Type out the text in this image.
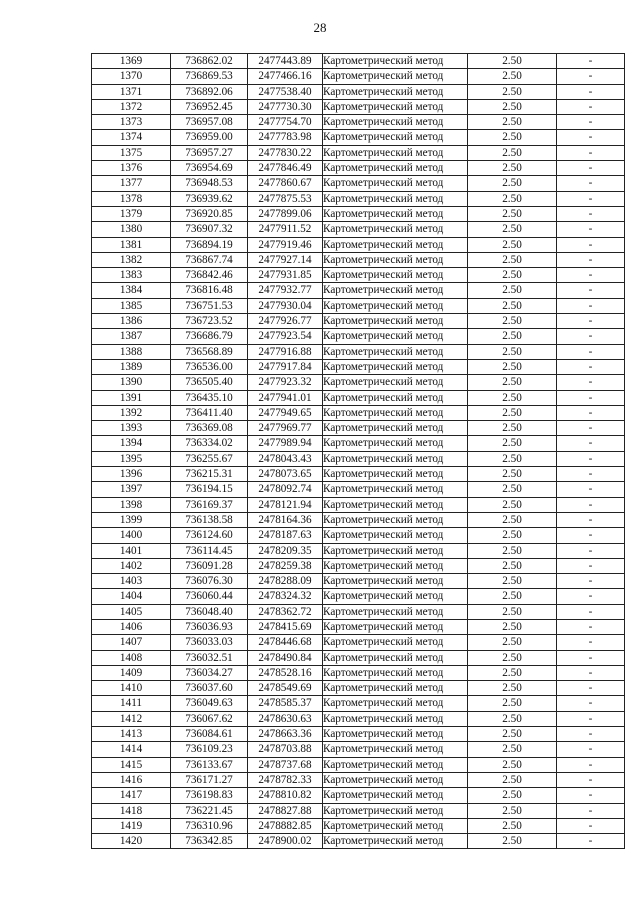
28
1369	736862.02	2477443.89	Картометрический метод	2.50	-
1370	736869.53	2477466.16	Картометрический метод	2.50	-
1371	736892.06	2477538.40	Картометрический метод	2.50	-
1372	736952.45	2477730.30	Картометрический метод	2.50	-
1373	736957.08	2477754.70	Картометрический метод	2.50	-
1374	736959.00	2477783.98	Картометрический метод	2.50	-
1375	736957.27	2477830.22	Картометрический метод	2.50	-
1376	736954.69	2477846.49	Картометрический метод	2.50	-
1377	736948.53	2477860.67	Картометрический метод	2.50	-
1378	736939.62	2477875.53	Картометрический метод	2.50	-
1379	736920.85	2477899.06	Картометрический метод	2.50	-
1380	736907.32	2477911.52	Картометрический метод	2.50	-
1381	736894.19	2477919.46	Картометрический метод	2.50	-
1382	736867.74	2477927.14	Картометрический метод	2.50	-
1383	736842.46	2477931.85	Картометрический метод	2.50	-
1384	736816.48	2477932.77	Картометрический метод	2.50	-
1385	736751.53	2477930.04	Картометрический метод	2.50	-
1386	736723.52	2477926.77	Картометрический метод	2.50	-
1387	736686.79	2477923.54	Картометрический метод	2.50	-
1388	736568.89	2477916.88	Картометрический метод	2.50	-
1389	736536.00	2477917.84	Картометрический метод	2.50	-
1390	736505.40	2477923.32	Картометрический метод	2.50	-
1391	736435.10	2477941.01	Картометрический метод	2.50	-
1392	736411.40	2477949.65	Картометрический метод	2.50	-
1393	736369.08	2477969.77	Картометрический метод	2.50	-
1394	736334.02	2477989.94	Картометрический метод	2.50	-
1395	736255.67	2478043.43	Картометрический метод	2.50	-
1396	736215.31	2478073.65	Картометрический метод	2.50	-
1397	736194.15	2478092.74	Картометрический метод	2.50	-
1398	736169.37	2478121.94	Картометрический метод	2.50	-
1399	736138.58	2478164.36	Картометрический метод	2.50	-
1400	736124.60	2478187.63	Картометрический метод	2.50	-
1401	736114.45	2478209.35	Картометрический метод	2.50	-
1402	736091.28	2478259.38	Картометрический метод	2.50	-
1403	736076.30	2478288.09	Картометрический метод	2.50	-
1404	736060.44	2478324.32	Картометрический метод	2.50	-
1405	736048.40	2478362.72	Картометрический метод	2.50	-
1406	736036.93	2478415.69	Картометрический метод	2.50	-
1407	736033.03	2478446.68	Картометрический метод	2.50	-
1408	736032.51	2478490.84	Картометрический метод	2.50	-
1409	736034.27	2478528.16	Картометрический метод	2.50	-
1410	736037.60	2478549.69	Картометрический метод	2.50	-
1411	736049.63	2478585.37	Картометрический метод	2.50	-
1412	736067.62	2478630.63	Картометрический метод	2.50	-
1413	736084.61	2478663.36	Картометрический метод	2.50	-
1414	736109.23	2478703.88	Картометрический метод	2.50	-
1415	736133.67	2478737.68	Картометрический метод	2.50	-
1416	736171.27	2478782.33	Картометрический метод	2.50	-
1417	736198.83	2478810.82	Картометрический метод	2.50	-
1418	736221.45	2478827.88	Картометрический метод	2.50	-
1419	736310.96	2478882.85	Картометрический метод	2.50	-
1420	736342.85	2478900.02	Картометрический метод	2.50	-
